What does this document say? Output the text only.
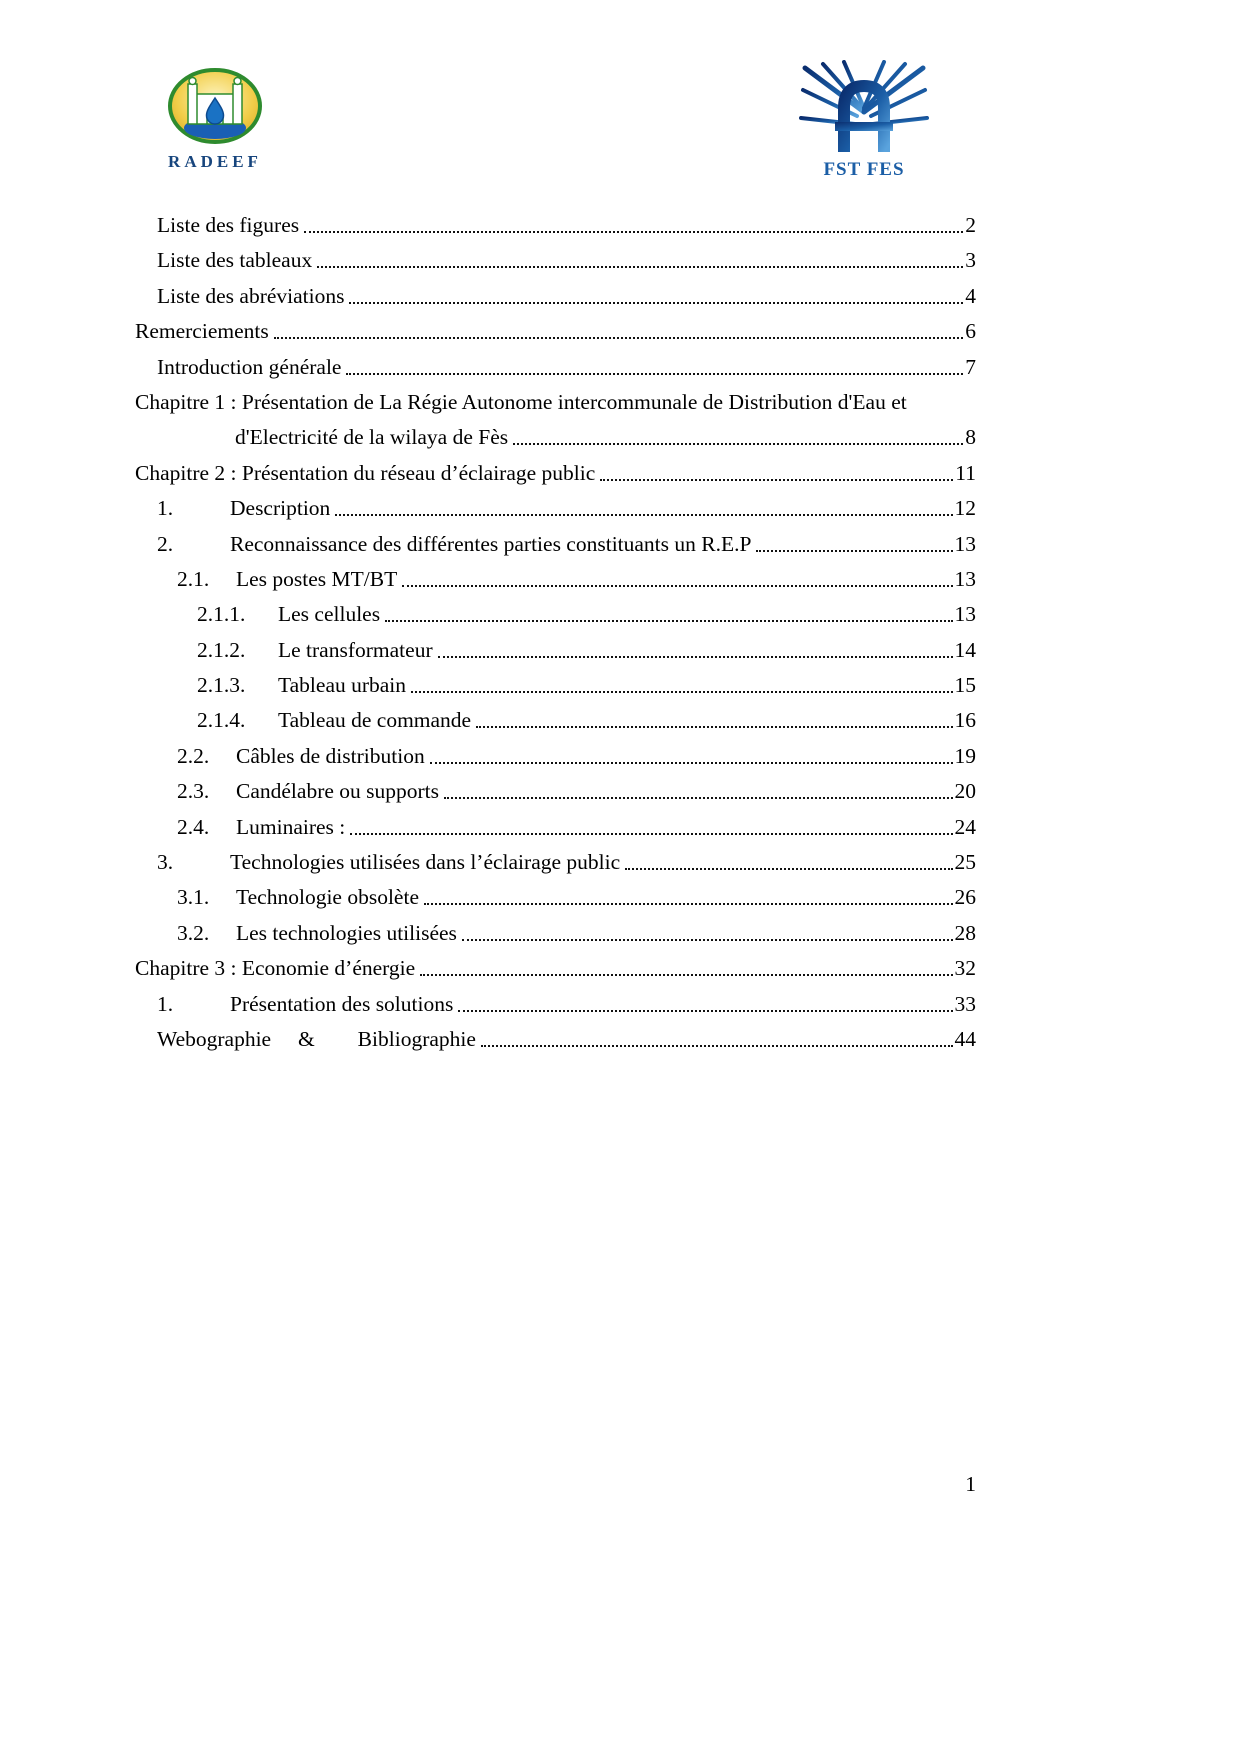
RADEEF	FST FES
Liste des figures	2
Liste des tableaux	3
Liste des abréviations	4
Remerciements	6
Introduction générale	7
Chapitre 1 : Présentation de La Régie Autonome intercommunale de Distribution d'Eau et
d'Electricité de la wilaya de Fès	8
Chapitre 2 : Présentation du réseau d’éclairage public	11
1.	Description	12
2.	Reconnaissance des différentes parties constituants un R.E.P	13
2.1.	Les postes MT/BT	13
2.1.1.	Les cellules	13
2.1.2.	Le transformateur	14
2.1.3.	Tableau urbain	15
2.1.4.	Tableau de commande	16
2.2.	Câbles de distribution	19
2.3.	Candélabre ou supports	20
2.4.	Luminaires :	24
3.	Technologies utilisées dans l’éclairage public	25
3.1.	Technologie obsolète	26
3.2.	Les technologies utilisées	28
Chapitre 3 : Economie d’énergie	32
1.	Présentation des solutions	33
Webographie     &        Bibliographie	44
1
